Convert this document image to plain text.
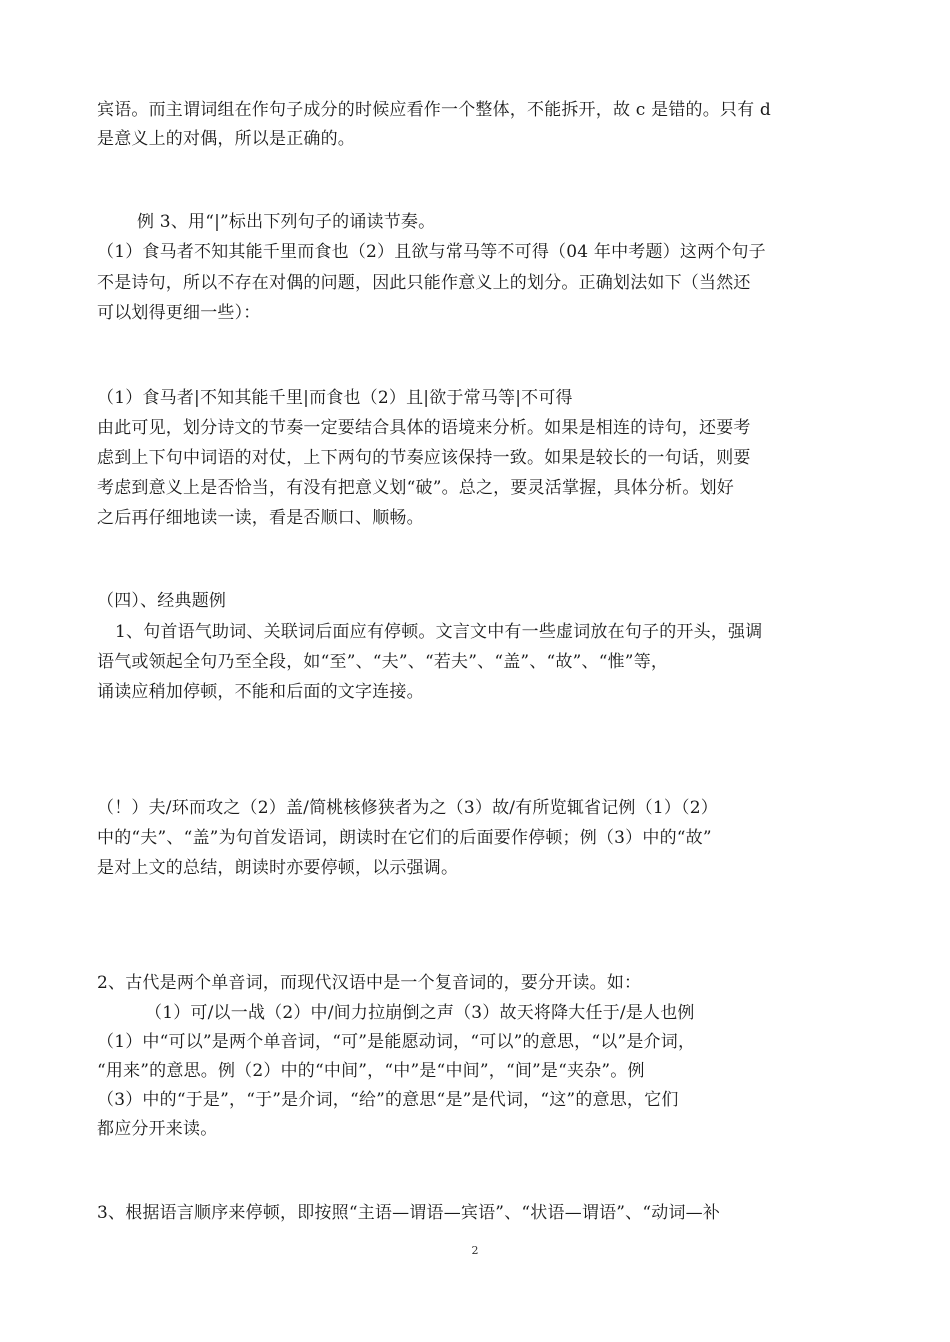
宾语。而主谓词组在作句子成分的时候应看作一个整体，不能拆开，故 c 是错的。只有 d
是意义上的对偶，所以是正确的。
例 3、用“|”标出下列句子的诵读节奏。
（1）食马者不知其能千里而食也（2）且欲与常马等不可得（04 年中考题）这两个句子
不是诗句，所以不存在对偶的问题，因此只能作意义上的划分。正确划法如下（当然还
可以划得更细一些）：
（1）食马者|不知其能千里|而食也（2）且|欲于常马等|不可得
由此可见，划分诗文的节奏一定要结合具体的语境来分析。如果是相连的诗句，还要考
虑到上下句中词语的对仗，上下两句的节奏应该保持一致。如果是较长的一句话，则要
考虑到意义上是否恰当，有没有把意义划“破”。总之，要灵活掌握，具体分析。划好
之后再仔细地读一读，看是否顺口、顺畅。
（四）、经典题例
1、句首语气助词、关联词后面应有停顿。文言文中有一些虚词放在句子的开头，强调
语气或领起全句乃至全段，如“至”、“夫”、“若夫”、“盖”、“故”、“惟”等，
诵读应稍加停顿，不能和后面的文字连接。
（！）夫/环而攻之（2）盖/简桃核修狭者为之（3）故/有所览辄省记例（1）（2）
中的“夫”、“盖”为句首发语词，朗读时在它们的后面要作停顿；例（3）中的“故”
是对上文的总结，朗读时亦要停顿，以示强调。
2、古代是两个单音词，而现代汉语中是一个复音词的，要分开读。如：
（1）可/以一战（2）中/间力拉崩倒之声（3）故天将降大任于/是人也例
（1）中“可以”是两个单音词，“可”是能愿动词，“可以”的意思，“以”是介词，
“用来”的意思。例（2）中的“中间”，“中”是“中间”，“间”是“夹杂”。例
（3）中的“于是”，“于”是介词，“给”的意思“是”是代词，“这”的意思，它们
都应分开来读。
3、根据语言顺序来停顿，即按照“主语—谓语—宾语”、“状语—谓语”、“动词—补
2
